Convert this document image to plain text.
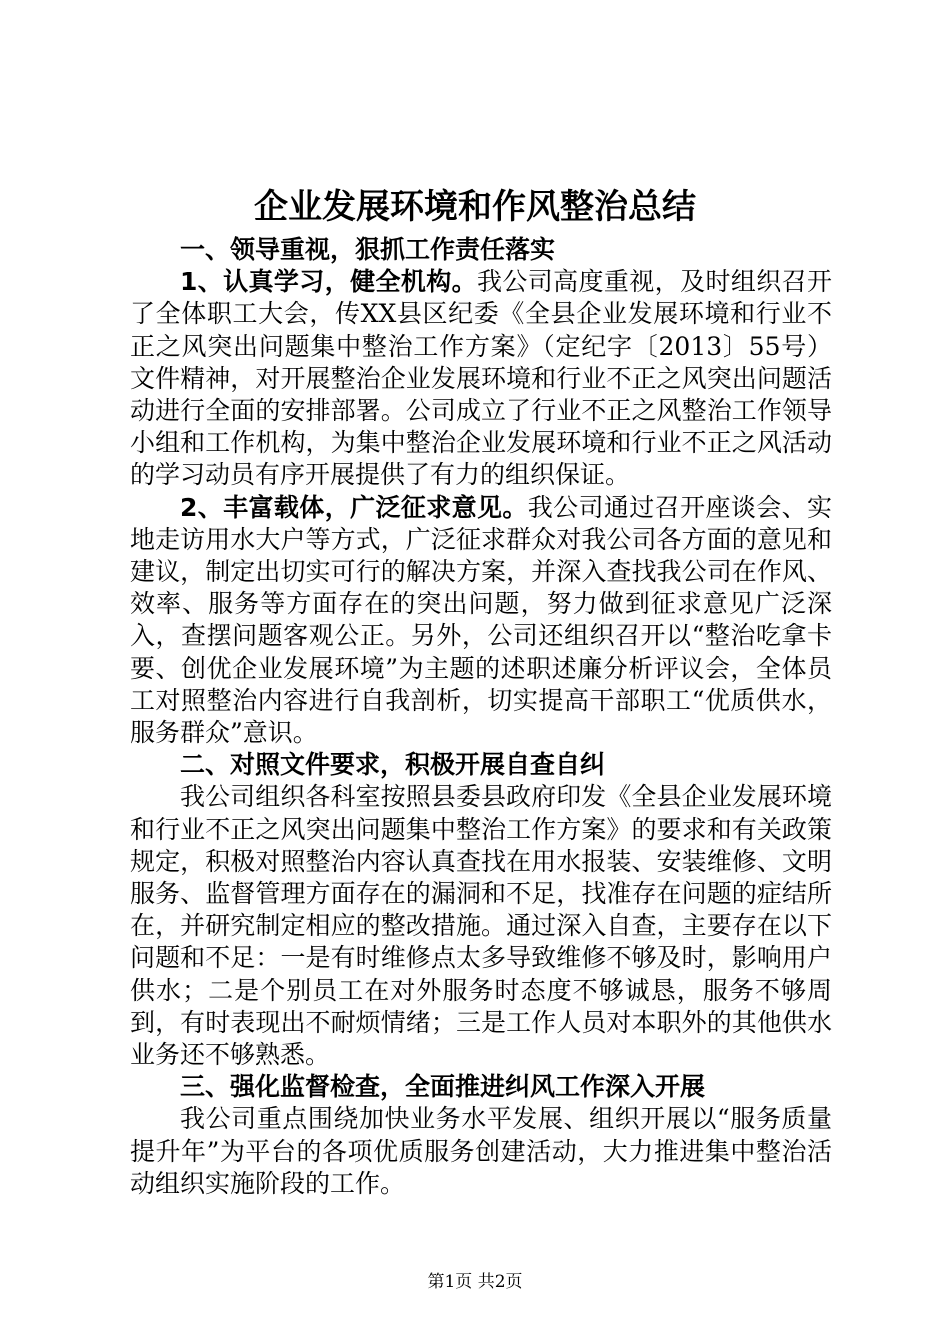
企业发展环境和作风整治总结

一、领导重视，狠抓工作责任落实

1、认真学习，健全机构。我公司高度重视，及时组织召开了全体职工大会，传XX县区纪委《全县企业发展环境和行业不正之风突出问题集中整治工作方案》（定纪字〔2013〕55号）文件精神，对开展整治企业发展环境和行业不正之风突出问题活动进行全面的安排部署。公司成立了行业不正之风整治工作领导小组和工作机构，为集中整治企业发展环境和行业不正之风活动的学习动员有序开展提供了有力的组织保证。

2、丰富载体，广泛征求意见。我公司通过召开座谈会、实地走访用水大户等方式，广泛征求群众对我公司各方面的意见和建议，制定出切实可行的解决方案，并深入查找我公司在作风、效率、服务等方面存在的突出问题，努力做到征求意见广泛深入，查摆问题客观公正。另外，公司还组织召开以“整治吃拿卡要、创优企业发展环境”为主题的述职述廉分析评议会，全体员工对照整治内容进行自我剖析，切实提高干部职工“优质供水，服务群众”意识。

二、对照文件要求，积极开展自查自纠

我公司组织各科室按照县委县政府印发《全县企业发展环境和行业不正之风突出问题集中整治工作方案》的要求和有关政策规定，积极对照整治内容认真查找在用水报装、安装维修、文明服务、监督管理方面存在的漏洞和不足，找准存在问题的症结所在，并研究制定相应的整改措施。通过深入自查，主要存在以下问题和不足：一是有时维修点太多导致维修不够及时，影响用户供水；二是个别员工在对外服务时态度不够诚恳，服务不够周到，有时表现出不耐烦情绪；三是工作人员对本职外的其他供水业务还不够熟悉。

三、强化监督检查，全面推进纠风工作深入开展

我公司重点围绕加快业务水平发展、组织开展以“服务质量提升年”为平台的各项优质服务创建活动，大力推进集中整治活动组织实施阶段的工作。

第1页 共2页
